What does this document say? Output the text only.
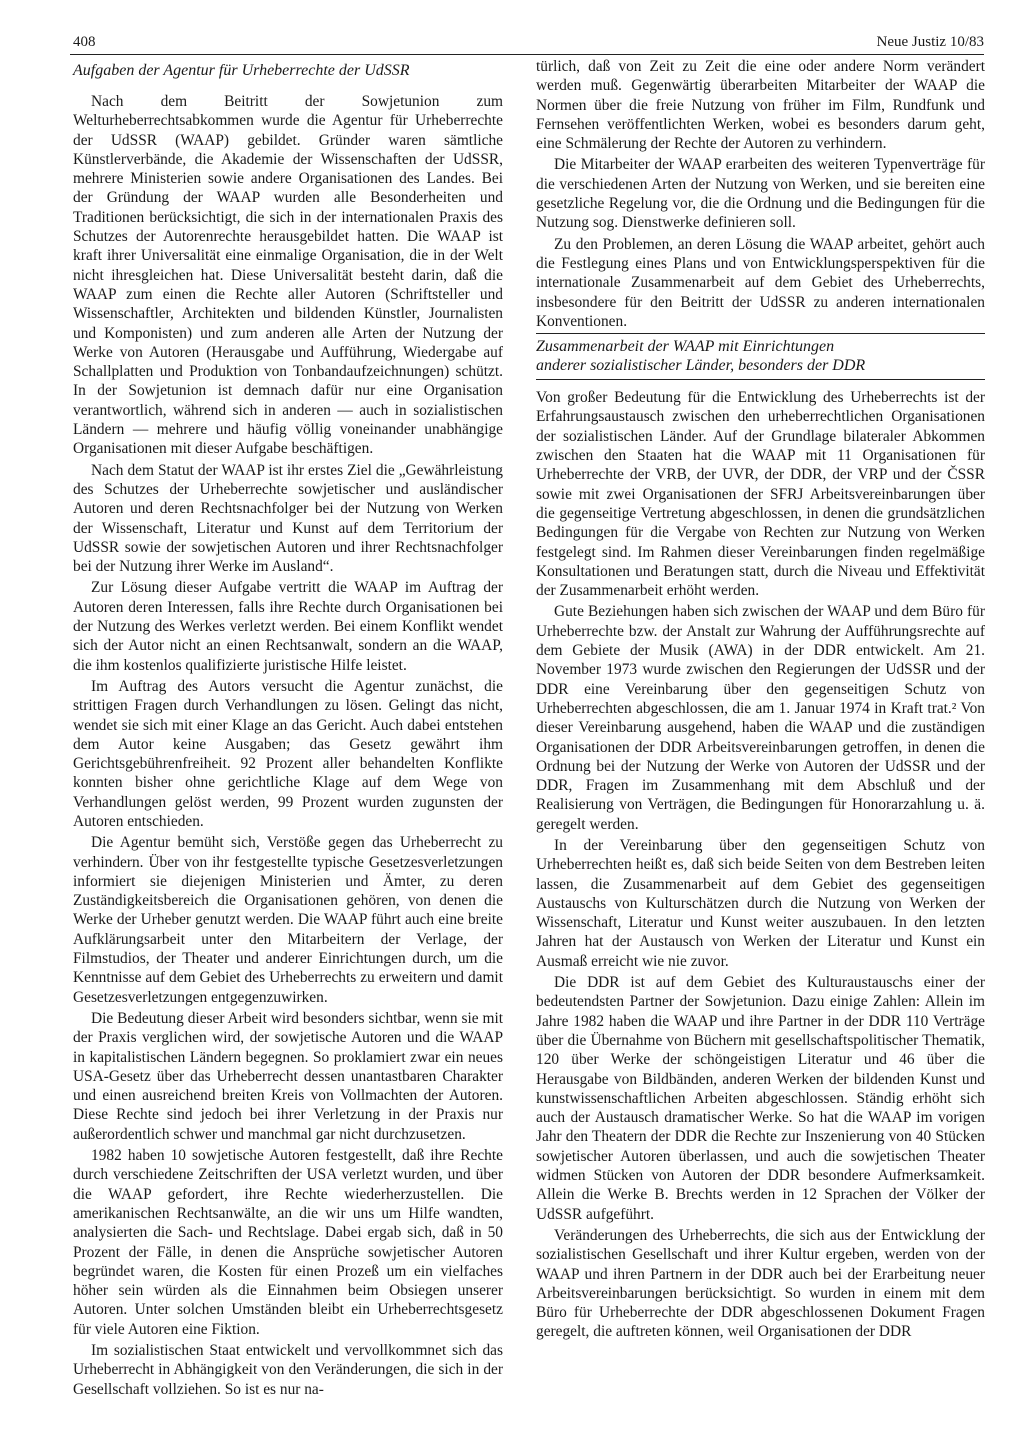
408	Neue Justiz 10/83
Aufgaben der Agentur für Urheberrechte der UdSSR

Nach dem Beitritt der Sowjetunion zum Welturheberrechtsabkommen wurde die Agentur für Urheberrechte der UdSSR (WAAP) gebildet. Gründer waren sämtliche Künstlerverbände, die Akademie der Wissenschaften der UdSSR, mehrere Ministerien sowie andere Organisationen des Landes. Bei der Gründung der WAAP wurden alle Besonderheiten und Traditionen berücksichtigt, die sich in der internationalen Praxis des Schutzes der Autorenrechte herausgebildet hatten. Die WAAP ist kraft ihrer Universalität eine einmalige Organisation, die in der Welt nicht ihresgleichen hat. Diese Universalität besteht darin, daß die WAAP zum einen die Rechte aller Autoren (Schriftsteller und Wissenschaftler, Architekten und bildenden Künstler, Journalisten und Komponisten) und zum anderen alle Arten der Nutzung der Werke von Autoren (Herausgabe und Aufführung, Wiedergabe auf Schallplatten und Produktion von Tonbandaufzeichnungen) schützt. In der Sowjetunion ist demnach dafür nur eine Organisation verantwortlich, während sich in anderen — auch in sozialistischen Ländern — mehrere und häufig völlig voneinander unabhängige Organisationen mit dieser Aufgabe beschäftigen.

Nach dem Statut der WAAP ist ihr erstes Ziel die „Gewährleistung des Schutzes der Urheberrechte sowjetischer und ausländischer Autoren und deren Rechtsnachfolger bei der Nutzung von Werken der Wissenschaft, Literatur und Kunst auf dem Territorium der UdSSR sowie der sowjetischen Autoren und ihrer Rechtsnachfolger bei der Nutzung ihrer Werke im Ausland“.

Zur Lösung dieser Aufgabe vertritt die WAAP im Auftrag der Autoren deren Interessen, falls ihre Rechte durch Organisationen bei der Nutzung des Werkes verletzt werden. Bei einem Konflikt wendet sich der Autor nicht an einen Rechtsanwalt, sondern an die WAAP, die ihm kostenlos qualifizierte juristische Hilfe leistet.

Im Auftrag des Autors versucht die Agentur zunächst, die strittigen Fragen durch Verhandlungen zu lösen. Gelingt das nicht, wendet sie sich mit einer Klage an das Gericht. Auch dabei entstehen dem Autor keine Ausgaben; das Gesetz gewährt ihm Gerichtsgebührenfreiheit. 92 Prozent aller behandelten Konflikte konnten bisher ohne gerichtliche Klage auf dem Wege von Verhandlungen gelöst werden, 99 Prozent wurden zugunsten der Autoren entschieden.

Die Agentur bemüht sich, Verstöße gegen das Urheberrecht zu verhindern. Über von ihr festgestellte typische Gesetzesverletzungen informiert sie diejenigen Ministerien und Ämter, zu deren Zuständigkeitsbereich die Organisationen gehören, von denen die Werke der Urheber genutzt werden. Die WAAP führt auch eine breite Aufklärungsarbeit unter den Mitarbeitern der Verlage, der Filmstudios, der Theater und anderer Einrichtungen durch, um die Kenntnisse auf dem Gebiet des Urheberrechts zu erweitern und damit Gesetzesverletzungen entgegenzuwirken.

Die Bedeutung dieser Arbeit wird besonders sichtbar, wenn sie mit der Praxis verglichen wird, der sowjetische Autoren und die WAAP in kapitalistischen Ländern begegnen. So proklamiert zwar ein neues USA-Gesetz über das Urheberrecht dessen unantastbaren Charakter und einen ausreichend breiten Kreis von Vollmachten der Autoren. Diese Rechte sind jedoch bei ihrer Verletzung in der Praxis nur außerordentlich schwer und manchmal gar nicht durchzusetzen.

1982 haben 10 sowjetische Autoren festgestellt, daß ihre Rechte durch verschiedene Zeitschriften der USA verletzt wurden, und über die WAAP gefordert, ihre Rechte wiederherzustellen. Die amerikanischen Rechtsanwälte, an die wir uns um Hilfe wandten, analysierten die Sach- und Rechtslage. Dabei ergab sich, daß in 50 Prozent der Fälle, in denen die Ansprüche sowjetischer Autoren begründet waren, die Kosten für einen Prozeß um ein vielfaches höher sein würden als die Einnahmen beim Obsiegen unserer Autoren. Unter solchen Umständen bleibt ein Urheberrechtsgesetz für viele Autoren eine Fiktion.

Im sozialistischen Staat entwickelt und vervollkommnet sich das Urheberrecht in Abhängigkeit von den Veränderungen, die sich in der Gesellschaft vollziehen. So ist es nur na-

türlich, daß von Zeit zu Zeit die eine oder andere Norm verändert werden muß. Gegenwärtig überarbeiten Mitarbeiter der WAAP die Normen über die freie Nutzung von früher im Film, Rundfunk und Fernsehen veröffentlichten Werken, wobei es besonders darum geht, eine Schmälerung der Rechte der Autoren zu verhindern.

Die Mitarbeiter der WAAP erarbeiten des weiteren Typenverträge für die verschiedenen Arten der Nutzung von Werken, und sie bereiten eine gesetzliche Regelung vor, die die Ordnung und die Bedingungen für die Nutzung sog. Dienstwerke definieren soll.

Zu den Problemen, an deren Lösung die WAAP arbeitet, gehört auch die Festlegung eines Plans und von Entwicklungsperspektiven für die internationale Zusammenarbeit auf dem Gebiet des Urheberrechts, insbesondere für den Beitritt der UdSSR zu anderen internationalen Konventionen.

Zusammenarbeit der WAAP mit Einrichtungen
anderer sozialistischer Länder, besonders der DDR

Von großer Bedeutung für die Entwicklung des Urheberrechts ist der Erfahrungsaustausch zwischen den urheberrechtlichen Organisationen der sozialistischen Länder. Auf der Grundlage bilateraler Abkommen zwischen den Staaten hat die WAAP mit 11 Organisationen für Urheberrechte der VRB, der UVR, der DDR, der VRP und der ČSSR sowie mit zwei Organisationen der SFRJ Arbeitsvereinbarungen über die gegenseitige Vertretung abgeschlossen, in denen die grundsätzlichen Bedingungen für die Vergabe von Rechten zur Nutzung von Werken festgelegt sind. Im Rahmen dieser Vereinbarungen finden regelmäßige Konsultationen und Beratungen statt, durch die Niveau und Effektivität der Zusammenarbeit erhöht werden.

Gute Beziehungen haben sich zwischen der WAAP und dem Büro für Urheberrechte bzw. der Anstalt zur Wahrung der Aufführungsrechte auf dem Gebiete der Musik (AWA) in der DDR entwickelt. Am 21. November 1973 wurde zwischen den Regierungen der UdSSR und der DDR eine Vereinbarung über den gegenseitigen Schutz von Urheberrechten abgeschlossen, die am 1. Januar 1974 in Kraft trat.² Von dieser Vereinbarung ausgehend, haben die WAAP und die zuständigen Organisationen der DDR Arbeitsvereinbarungen getroffen, in denen die Ordnung bei der Nutzung der Werke von Autoren der UdSSR und der DDR, Fragen im Zusammenhang mit dem Abschluß und der Realisierung von Verträgen, die Bedingungen für Honorarzahlung u. ä. geregelt werden.

In der Vereinbarung über den gegenseitigen Schutz von Urheberrechten heißt es, daß sich beide Seiten von dem Bestreben leiten lassen, die Zusammenarbeit auf dem Gebiet des gegenseitigen Austauschs von Kulturschätzen durch die Nutzung von Werken der Wissenschaft, Literatur und Kunst weiter auszubauen. In den letzten Jahren hat der Austausch von Werken der Literatur und Kunst ein Ausmaß erreicht wie nie zuvor.

Die DDR ist auf dem Gebiet des Kulturaustauschs einer der bedeutendsten Partner der Sowjetunion. Dazu einige Zahlen: Allein im Jahre 1982 haben die WAAP und ihre Partner in der DDR 110 Verträge über die Übernahme von Büchern mit gesellschaftspolitischer Thematik, 120 über Werke der schöngeistigen Literatur und 46 über die Herausgabe von Bildbänden, anderen Werken der bildenden Kunst und kunstwissenschaftlichen Arbeiten abgeschlossen. Ständig erhöht sich auch der Austausch dramatischer Werke. So hat die WAAP im vorigen Jahr den Theatern der DDR die Rechte zur Inszenierung von 40 Stücken sowjetischer Autoren überlassen, und auch die sowjetischen Theater widmen Stücken von Autoren der DDR besondere Aufmerksamkeit. Allein die Werke B. Brechts werden in 12 Sprachen der Völker der UdSSR aufgeführt.

Veränderungen des Urheberrechts, die sich aus der Entwicklung der sozialistischen Gesellschaft und ihrer Kultur ergeben, werden von der WAAP und ihren Partnern in der DDR auch bei der Erarbeitung neuer Arbeitsvereinbarungen berücksichtigt. So wurden in einem mit dem Büro für Urheberrechte der DDR abgeschlossenen Dokument Fragen geregelt, die auftreten können, weil Organisationen der DDR
